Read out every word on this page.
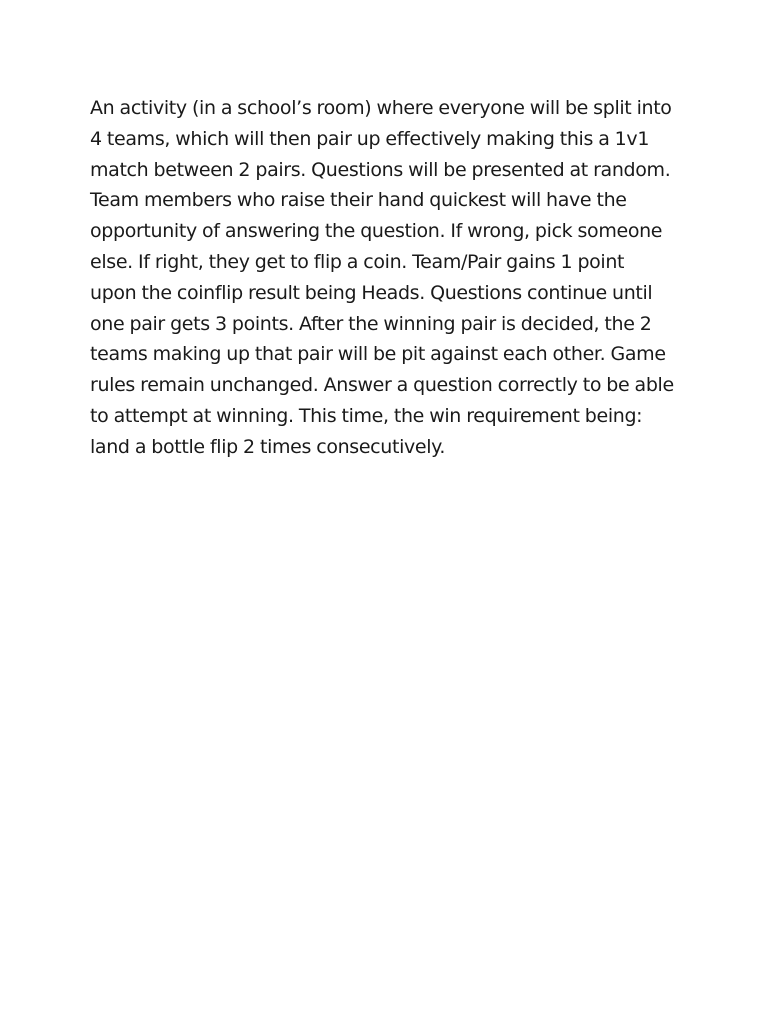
An activity (in a school’s room) where everyone will be split into
4 teams, which will then pair up effectively making this a 1v1
match between 2 pairs. Questions will be presented at random.
Team members who raise their hand quickest will have the
opportunity of answering the question. If wrong, pick someone
else. If right, they get to flip a coin. Team/Pair gains 1 point
upon the coinflip result being Heads. Questions continue until
one pair gets 3 points. After the winning pair is decided, the 2
teams making up that pair will be pit against each other. Game
rules remain unchanged. Answer a question correctly to be able
to attempt at winning. This time, the win requirement being:
land a bottle flip 2 times consecutively.
